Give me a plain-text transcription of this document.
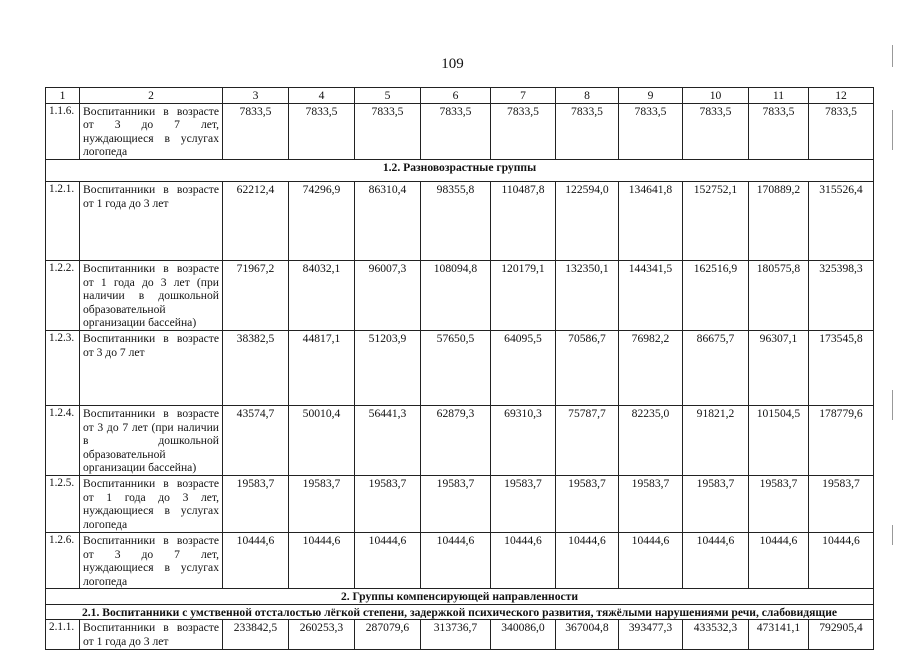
109
1	2	3	4	5	6	7	8	9	10	11	12
1.1.6.	Воспитанники в возрасте от 3 до 7 лет, нуждающиеся в услугах логопеда	7833,5	7833,5	7833,5	7833,5	7833,5	7833,5	7833,5	7833,5	7833,5	7833,5
1.2. Разновозрастные группы											
1.2.1.	Воспитанники в возрасте от 1 года до 3 лет	62212,4	74296,9	86310,4	98355,8	110487,8	122594,0	134641,8	152752,1	170889,2	315526,4
1.2.2.	Воспитанники в возрасте от 1 года до 3 лет (при наличии в дошкольной образовательной организации бассейна)	71967,2	84032,1	96007,3	108094,8	120179,1	132350,1	144341,5	162516,9	180575,8	325398,3
1.2.3.	Воспитанники в возрасте от 3 до 7 лет	38382,5	44817,1	51203,9	57650,5	64095,5	70586,7	76982,2	86675,7	96307,1	173545,8
1.2.4.	Воспитанники в возрасте от 3 до 7 лет (при наличии в дошкольной образовательной организации бассейна)	43574,7	50010,4	56441,3	62879,3	69310,3	75787,7	82235,0	91821,2	101504,5	178779,6
1.2.5.	Воспитанники в возрасте от 1 года до 3 лет, нуждающиеся в услугах логопеда	19583,7	19583,7	19583,7	19583,7	19583,7	19583,7	19583,7	19583,7	19583,7	19583,7
1.2.6.	Воспитанники в возрасте от 3 до 7 лет, нуждающиеся в услугах логопеда	10444,6	10444,6	10444,6	10444,6	10444,6	10444,6	10444,6	10444,6	10444,6	10444,6
2. Группы компенсирующей направленности											
2.1. Воспитанники с умственной отсталостью лёгкой степени, задержкой психического развития, тяжёлыми нарушениями речи, слабовидящие											
2.1.1.	Воспитанники в возрасте от 1 года до 3 лет	233842,5	260253,3	287079,6	313736,7	340086,0	367004,8	393477,3	433532,3	473141,1	792905,4
